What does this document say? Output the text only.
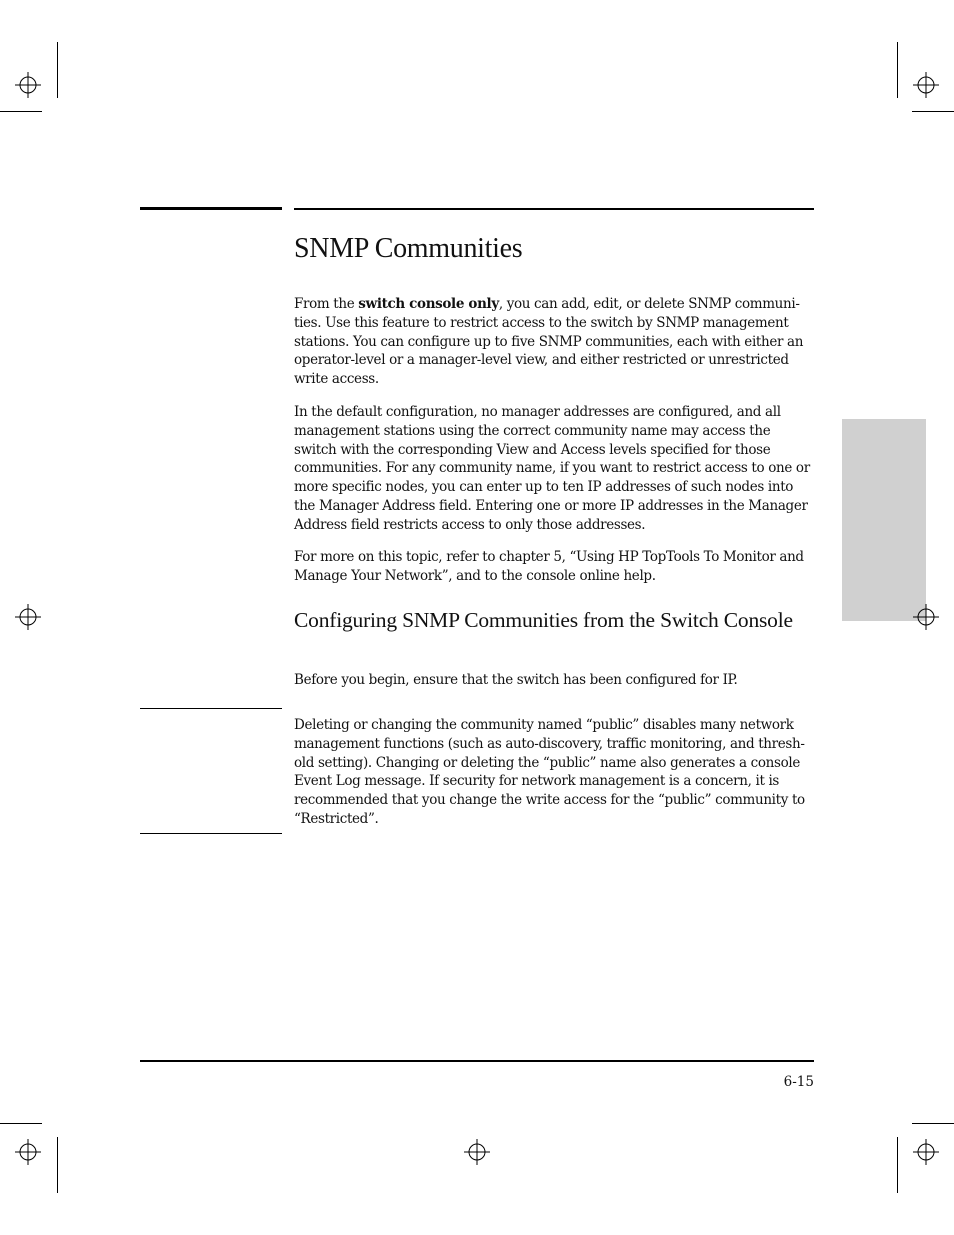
SNMP Communities

From the switch console only, you can add, edit, or delete SNMP communi-ties. Use this feature to restrict access to the switch by SNMP management stations. You can configure up to five SNMP communities, each with either an operator-level or a manager-level view, and either restricted or unrestricted write access.

In the default configuration, no manager addresses are configured, and all management stations using the correct community name may access the switch with the corresponding View and Access levels specified for those communities. For any community name, if you want to restrict access to one or more specific nodes, you can enter up to ten IP addresses of such nodes into the Manager Address field. Entering one or more IP addresses in the Manager Address field restricts access to only those addresses.

For more on this topic, refer to chapter 5, “Using HP TopTools To Monitor and Manage Your Network”, and to the console online help.

Configuring SNMP Communities from the Switch Console

Before you begin, ensure that the switch has been configured for IP.

Deleting or changing the community named “public” disables many network management functions (such as auto-discovery, traffic monitoring, and thresh-old setting). Changing or deleting the “public” name also generates a console Event Log message. If security for network management is a concern, it is recommended that you change the write access for the “public” community to “Restricted”.

6-15
